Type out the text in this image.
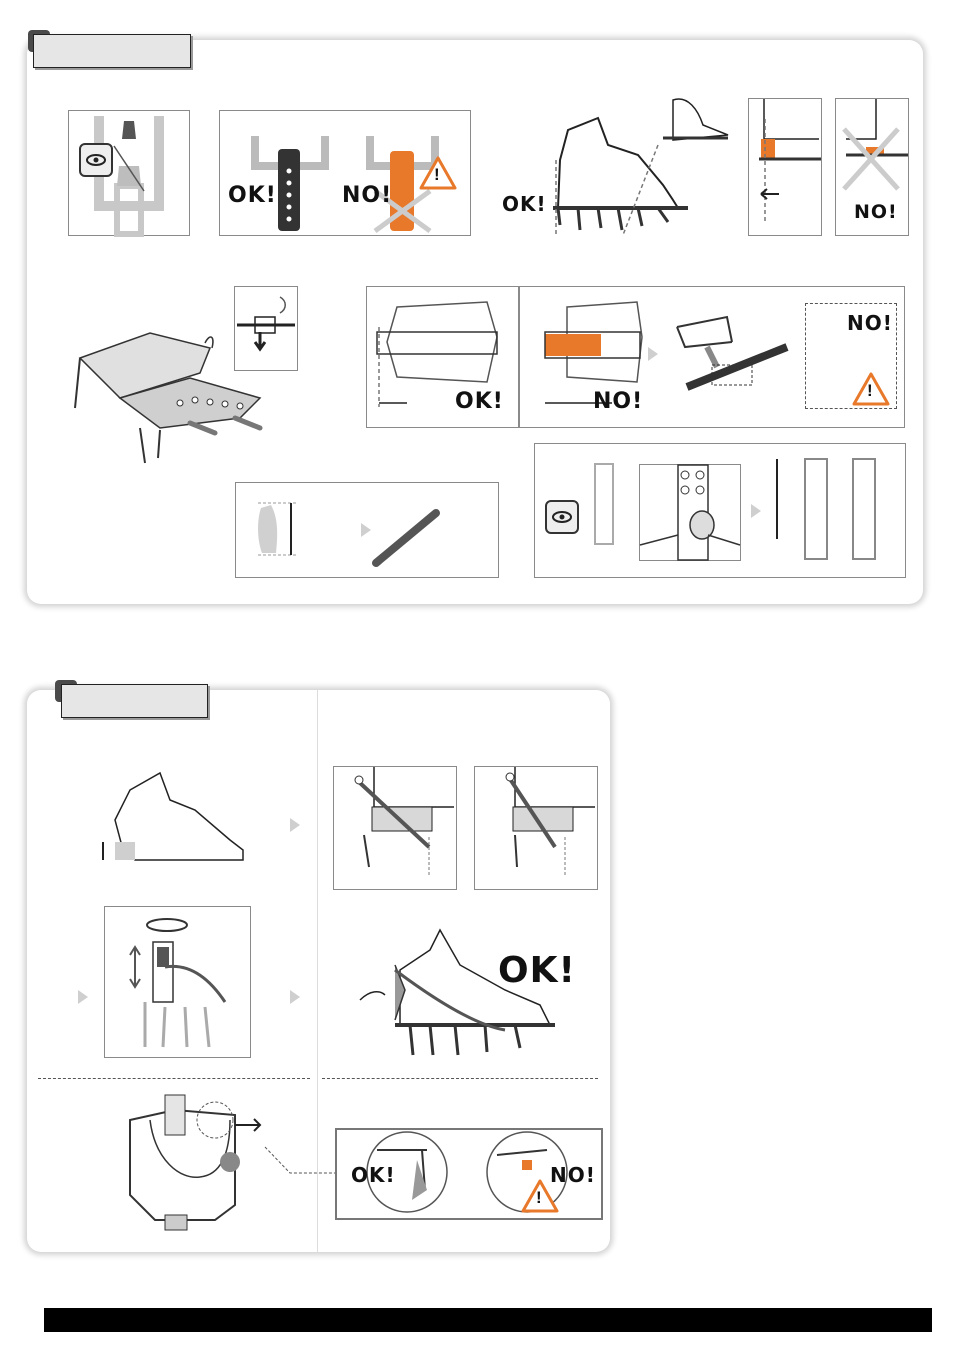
OK!	NO!
!
OK!	NO!
OK!	NO!
NO!
!
OK!
OK!	NO!
!
